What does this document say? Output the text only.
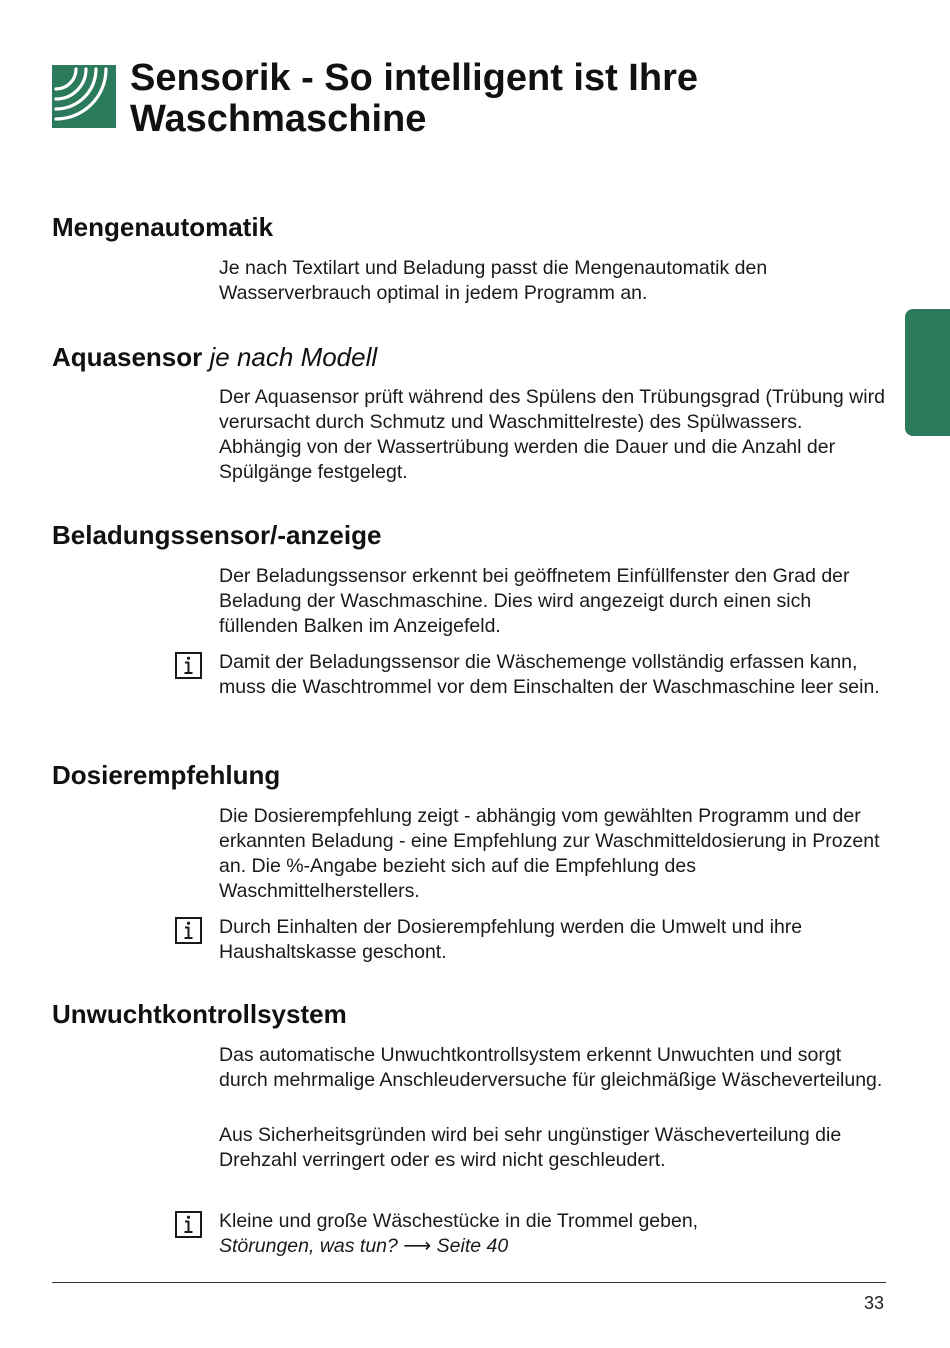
Sensorik - So intelligent ist Ihre Waschmaschine
Mengenautomatik

Je nach Textilart und Beladung passt die Mengenautomatik den Wasserverbrauch optimal in jedem Programm an.

Aquasensor je nach Modell

Der Aquasensor prüft während des Spülens den Trübungsgrad (Trübung wird verursacht durch Schmutz und Waschmittelreste) des Spülwassers. Abhängig von der Wassertrübung werden die Dauer und die Anzahl der Spülgänge festgelegt.

Beladungssensor/-anzeige

Der Beladungssensor erkennt bei geöffnetem Einfüllfenster den Grad der Beladung der Waschmaschine. Dies wird angezeigt durch einen sich füllenden Balken im Anzeigefeld.

Damit der Beladungssensor die Wäschemenge vollständig erfassen kann, muss die Waschtrommel vor dem Einschalten der Waschmaschine leer sein.

Dosierempfehlung

Die Dosierempfehlung zeigt - abhängig vom gewählten Programm und der erkannten Beladung - eine Empfehlung zur Waschmitteldosierung in Prozent an. Die %-Angabe bezieht sich auf die Empfehlung des Waschmittelherstellers.

Durch Einhalten der Dosierempfehlung werden die Umwelt und ihre Haushaltskasse geschont.

Unwuchtkontrollsystem

Das automatische Unwuchtkontrollsystem erkennt Unwuchten und sorgt durch mehrmalige Anschleuderversuche für gleichmäßige Wäscheverteilung.

Aus Sicherheitsgründen wird bei sehr ungünstiger Wäscheverteilung die Drehzahl verringert oder es wird nicht geschleudert.

Kleine und große Wäschestücke in die Trommel geben,
Störungen, was tun? ⟶ Seite 40

33
